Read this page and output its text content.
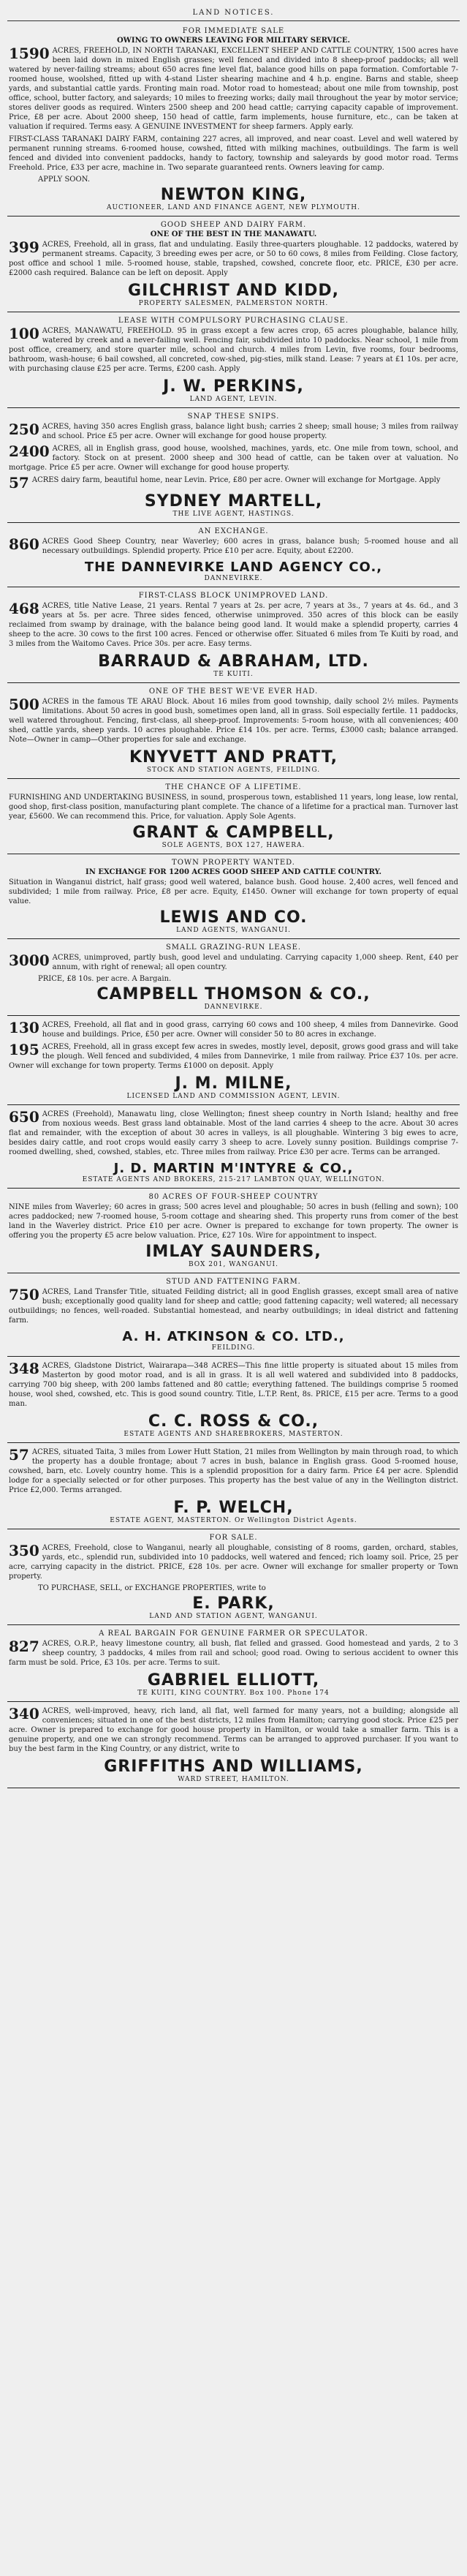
LAND NOTICES.
FOR IMMEDIATE SALE
OWING TO OWNERS LEAVING FOR MILITARY SERVICE.

1590 ACRES, FREEHOLD, IN NORTH TARANAKI, EXCELLENT SHEEP AND CATTLE COUNTRY, 1500 acres have been laid down in mixed English grasses; well fenced and divided into 8 sheep-proof paddocks; all well watered by never-failing streams; about 650 acres fine level flat, balance good hills on papa formation. Comfortable 7-roomed house, woolshed, fitted up with 4-stand Lister shearing machine and 4 h.p. engine. Barns and stable, sheep yards, and substantial cattle yards. Fronting main road. Motor road to homestead; about one mile from township, post office, school, butter factory, and saleyards; 10 miles to freezing works; daily mail throughout the year by motor service; stores deliver goods as required. Winters 2500 sheep and 200 head cattle; carrying capacity capable of improvement. Price, £8 per acre. About 2000 sheep, 150 head of cattle, farm implements, house furniture, etc., can be taken at valuation if required. Terms easy. A GENUINE INVESTMENT for sheep farmers. Apply early.

FIRST-CLASS TARANAKI DAIRY FARM, containing 227 acres, all improved, and near coast. Level and well watered by permanent running streams. 6-roomed house, cowshed, fitted with milking machines, outbuildings. The farm is well fenced and divided into convenient paddocks, handy to factory, township and saleyards by good motor road. Terms Freehold. Price, £33 per acre, machine in. Two separate guaranteed rents. Owners leaving for camp.

APPLY SOON.
NEWTON KING,
AUCTIONEER, LAND AND FINANCE AGENT, NEW PLYMOUTH.
GOOD SHEEP AND DAIRY FARM.
ONE OF THE BEST IN THE MANAWATU.

399 ACRES, Freehold, all in grass, flat and undulating. Easily three-quarters ploughable. 12 paddocks, watered by permanent streams. Capacity, 3 breeding ewes per acre, or 50 to 60 cows, 8 miles from Feilding. Close factory, post office and school 1 mile. 5-roomed house, stable, trapshed, cowshed, concrete floor, etc. PRICE, £30 per acre. £2000 cash required. Balance can be left on deposit. Apply

GILCHRIST AND KIDD,
PROPERTY SALESMEN, PALMERSTON NORTH.
LEASE WITH COMPULSORY PURCHASING CLAUSE.

100 ACRES, MANAWATU, FREEHOLD. 95 in grass except a few acres crop, 65 acres ploughable, balance hilly, watered by creek and a never-failing well. Fencing fair, subdivided into 10 paddocks. Near school, 1 mile from post office, creamery, and store quarter mile, school and church. 4 miles from Levin, five rooms, four bedrooms, bathroom, wash-house; 6 bail cowshed, all concreted, cow-shed, pig-sties, milk stand. Lease: 7 years at £1 10s. per acre, with purchasing clause £25 per acre. Terms, £200 cash. Apply

J. W. PERKINS,
LAND AGENT, LEVIN.
SNAP THESE SNIPS.

250 ACRES, having 350 acres English grass, balance light bush; carries 2 sheep; small house; 3 miles from railway and school. Price £5 per acre. Owner will exchange for good house property.

2400 ACRES, all in English grass, good house, woolshed, machines, yards, etc. One mile from town, school, and factory. Stock on at present. 2000 sheep and 300 head of cattle, can be taken over at valuation. No mortgage. Price £5 per acre. Owner will exchange for good house property.

57 ACRES dairy farm, beautiful home, near Levin. Price, £80 per acre. Owner will exchange for Mortgage. Apply

SYDNEY MARTELL,
THE LIVE AGENT, HASTINGS.
AN EXCHANGE.

860 ACRES Good Sheep Country, near Waverley; 600 acres in grass, balance bush; 5-roomed house and all necessary outbuildings. Splendid property. Price £10 per acre. Equity, about £2200.

THE DANNEVIRKE LAND AGENCY CO.,
DANNEVIRKE.
FIRST-CLASS BLOCK UNIMPROVED LAND.

468 ACRES, title Native Lease, 21 years. Rental 7 years at 2s. per acre, 7 years at 3s., 7 years at 4s. 6d., and 3 years at 5s. per acre. Three sides fenced, otherwise unimproved. 350 acres of this block can be easily reclaimed from swamp by drainage, with the balance being good land. It would make a splendid property, carries 4 sheep to the acre. 30 cows to the first 100 acres. Fenced or otherwise offer. Situated 6 miles from Te Kuiti by road, and 3 miles from the Waitomo Caves. Price 30s. per acre. Easy terms.

BARRAUD & ABRAHAM, LTD.
TE KUITI.
ONE OF THE BEST WE'VE EVER HAD.

500 ACRES in the famous TE ARAU Block. About 16 miles from good township, daily school 2½ miles. Payments limitations. About 50 acres in good bush, sometimes open land, all in grass. Soil especially fertile. 11 paddocks, well watered throughout. Fencing, first-class, all sheep-proof. Improvements: 5-room house, with all conveniences; 400 shed, cattle yards, sheep yards. 10 acres ploughable. Price £14 10s. per acre. Terms, £3000 cash; balance arranged. Note—Owner in camp—Other properties for sale and exchange.

KNYVETT AND PRATT,
STOCK AND STATION AGENTS, FEILDING.
THE CHANCE OF A LIFETIME.

FURNISHING AND UNDERTAKING BUSINESS, in sound, prosperous town, established 11 years, long lease, low rental, good shop, first-class position, manufacturing plant complete. The chance of a lifetime for a practical man. Turnover last year, £5600. We can recommend this. Price, for valuation. Apply Sole Agents.

GRANT & CAMPBELL,
SOLE AGENTS, BOX 127, HAWERA.
TOWN PROPERTY WANTED.
IN EXCHANGE FOR 1200 ACRES GOOD SHEEP AND CATTLE COUNTRY.

Situation in Wanganui district, half grass; good well watered, balance bush. Good house. 2,400 acres, well fenced and subdivided; 1 mile from railway. Price, £8 per acre. Equity, £1450. Owner will exchange for town property of equal value.

LEWIS AND CO.
LAND AGENTS, WANGANUI.
SMALL GRAZING-RUN LEASE.

3000 ACRES, unimproved, partly bush, good level and undulating. Carrying capacity 1,000 sheep. Rent, £40 per annum, with right of renewal; all open country.

PRICE, £8 10s. per acre. A Bargain.
CAMPBELL THOMSON & CO.,
DANNEVIRKE.

130 ACRES, Freehold, all flat and in good grass, carrying 60 cows and 100 sheep, 4 miles from Dannevirke. Good house and buildings. Price, £50 per acre. Owner will consider 50 to 80 acres in exchange.

195 ACRES, Freehold, all in grass except few acres in swedes, mostly level, deposit, grows good grass and will take the plough. Well fenced and subdivided, 4 miles from Dannevirke, 1 mile from railway. Price £37 10s. per acre. Owner will exchange for town property. Terms £1000 on deposit. Apply

J. M. MILNE,
LICENSED LAND AND COMMISSION AGENT, LEVIN.

650 ACRES (Freehold), Manawatu ling, close Wellington; finest sheep country in North Island; healthy and free from noxious weeds. Best grass land obtainable. Most of the land carries 4 sheep to the acre. About 30 acres flat and remainder, with the exception of about 30 acres in valleys, is all ploughable. Wintering 3 big ewes to acre, besides dairy cattle, and root crops would easily carry 3 sheep to acre. Lovely sunny position. Buildings comprise 7-roomed dwelling, shed, cowshed, stables, etc. Three miles from railway. Price £30 per acre. Terms can be arranged.

J. D. MARTIN M'INTYRE & CO.,
ESTATE AGENTS AND BROKERS, 215-217 LAMBTON QUAY, WELLINGTON.
80 ACRES OF FOUR-SHEEP COUNTRY

NINE miles from Waverley; 60 acres in grass; 500 acres level and ploughable; 50 acres in bush (felling and sown); 100 acres paddocked; new 7-roomed house, 5-room cottage and shearing shed. This property runs from comer of the best land in the Waverley district. Price £10 per acre. Owner is prepared to exchange for town property. The owner is offering you the property £5 acre below valuation. Price, £27 10s. Wire for appointment to inspect.

IMLAY SAUNDERS,
BOX 201, WANGANUI.
STUD AND FATTENING FARM.

750 ACRES, Land Transfer Title, situated Feilding district; all in good English grasses, except small area of native bush; exceptionally good quality land for sheep and cattle; good fattening capacity; well watered; all necessary outbuildings; no fences, well-roaded. Substantial homestead, and nearby outbuildings; in ideal district and fattening farm.

A. H. ATKINSON & CO. LTD.,
FEILDING.

348 ACRES, Gladstone District, Wairarapa—348 ACRES—This fine little property is situated about 15 miles from Masterton by good motor road, and is all in grass. It is all well watered and subdivided into 8 paddocks, carrying 700 big sheep, with 200 lambs fattened and 80 cattle; everything fattened. The buildings comprise 5 roomed house, wool shed, cowshed, etc. This is good sound country. Title, L.T.P. Rent, 8s. PRICE, £15 per acre. Terms to a good man.

C. C. ROSS & CO.,
ESTATE AGENTS AND SHAREBROKERS, MASTERTON.

57 ACRES, situated Taita, 3 miles from Lower Hutt Station, 21 miles from Wellington by main through road, to which the property has a double frontage; about 7 acres in bush, balance in English grass. Good 5-roomed house, cowshed, barn, etc. Lovely country home. This is a splendid proposition for a dairy farm. Price £4 per acre. Splendid lodge for a specially selected or for other purposes. This property has the best value of any in the Wellington district. Price £2,000. Terms arranged.

F. P. WELCH,
ESTATE AGENT, MASTERTON. Or Wellington District Agents.
FOR SALE.

350 ACRES, Freehold, close to Wanganui, nearly all ploughable, consisting of 8 rooms, garden, orchard, stables, yards, etc., splendid run, subdivided into 10 paddocks, well watered and fenced; rich loamy soil. Price, 25 per acre, carrying capacity in the district. PRICE, £28 10s. per acre. Owner will exchange for smaller property or Town property.

TO PURCHASE, SELL, or EXCHANGE PROPERTIES, write to
E. PARK,
LAND AND STATION AGENT, WANGANUI.
A REAL BARGAIN FOR GENUINE FARMER OR SPECULATOR.

827 ACRES, O.R.P., heavy limestone country, all bush, flat felled and grassed. Good homestead and yards, 2 to 3 sheep country, 3 paddocks, 4 miles from rail and school; good road. Owing to serious accident to owner this farm must be sold. Price, £3 10s. per acre. Terms to suit.

GABRIEL ELLIOTT,
TE KUITI, KING COUNTRY. Box 100. Phone 174

340 ACRES, well-improved, heavy, rich land, all flat, well farmed for many years, not a building; alongside all conveniences; situated in one of the best districts, 12 miles from Hamilton; carrying good stock. Price £25 per acre. Owner is prepared to exchange for good house property in Hamilton, or would take a smaller farm. This is a genuine property, and one we can strongly recommend. Terms can be arranged to approved purchaser. If you want to buy the best farm in the King Country, or any district, write to

GRIFFITHS AND WILLIAMS,
WARD STREET, HAMILTON.
